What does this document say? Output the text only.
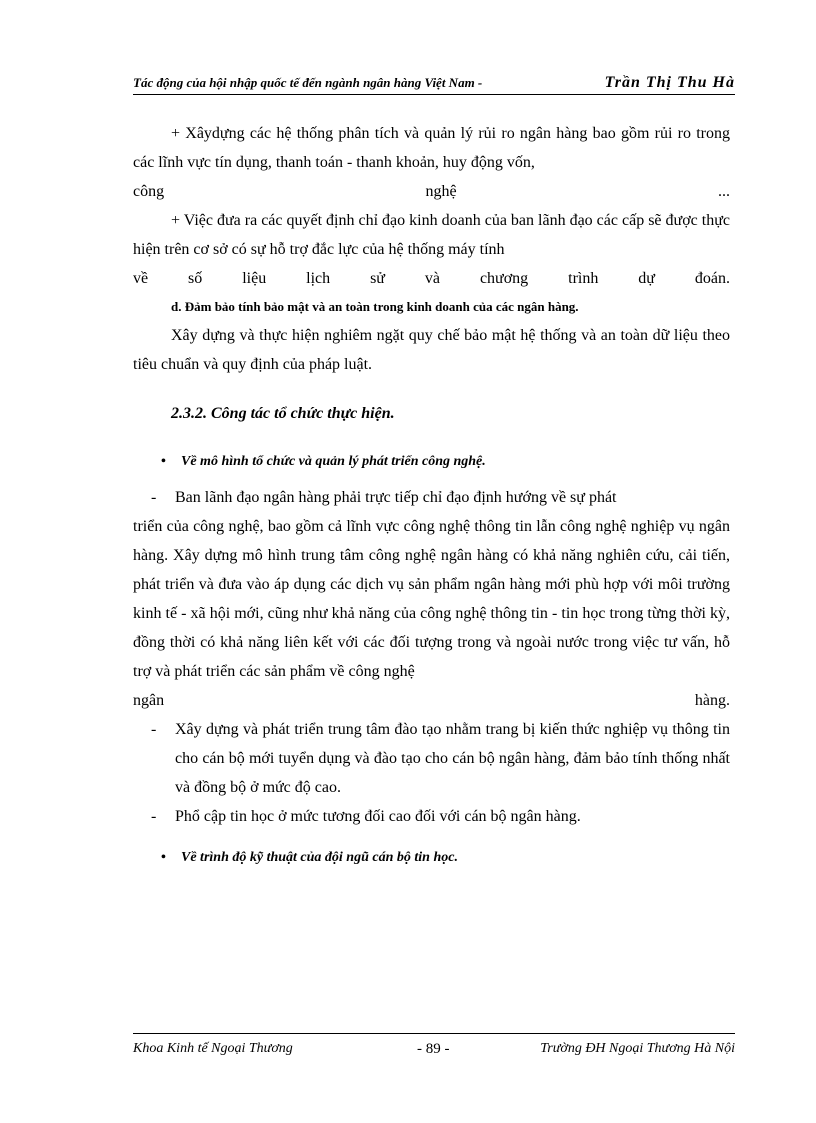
Tác động của hội nhập quốc tế đến ngành ngân hàng Việt Nam -	Trần Thị Thu Hà

+ Xâydựng các hệ thống phân tích và quản lý rủi ro ngân hàng bao gồm rủi ro trong các lĩnh vực tín dụng, thanh toán - thanh khoản, huy động vốn,

công nghệ ...

+ Việc đưa ra các quyết định chỉ đạo kinh doanh của ban lãnh đạo các cấp sẽ được thực hiện trên cơ sở có sự hỗ trợ đắc lực của hệ thống máy tính

về số liệu lịch sử và chương trình dự đoán.

d. Đảm bảo tính bảo mật và an toàn trong kinh doanh của các ngân hàng.

Xây dựng và thực hiện nghiêm ngặt quy chế bảo mật hệ thống và an toàn dữ liệu theo tiêu chuẩn và quy định của pháp luật.

2.3.2. Công tác tổ chức thực hiện.
• Về mô hình tổ chức và quản lý phát triển công nghệ.
-	Ban lãnh đạo ngân hàng phải trực tiếp chỉ đạo định hướng về sự phát

triển của công nghệ, bao gồm cả lĩnh vực công nghệ thông tin lẫn công nghệ nghiệp vụ ngân hàng. Xây dựng mô hình trung tâm công nghệ ngân hàng có khả năng nghiên cứu, cải tiến, phát triển và đưa vào áp dụng các dịch vụ sản phẩm ngân hàng mới phù hợp với môi trường kinh tế - xã hội mới, cũng như khả năng của công nghệ thông tin - tin học trong từng thời kỳ, đồng thời có khả năng liên kết với các đối tượng trong và ngoài nước trong việc tư vấn, hỗ trợ và phát triển các sản phẩm về công nghệ

ngân hàng.

- Xây dựng và phát triển trung tâm đào tạo nhằm trang bị kiến thức nghiệp vụ thông tin cho cán bộ mới tuyển dụng và đào tạo cho cán bộ ngân hàng, đảm bảo tính thống nhất và đồng bộ ở mức độ cao.

- Phổ cập tin học ở mức tương đối cao đối với cán bộ ngân hàng.

• Về trình độ kỹ thuật của đội ngũ cán bộ tin học.
Khoa Kinh tế Ngoại Thương	- 89 -	Trường ĐH Ngoại Thương Hà Nội
